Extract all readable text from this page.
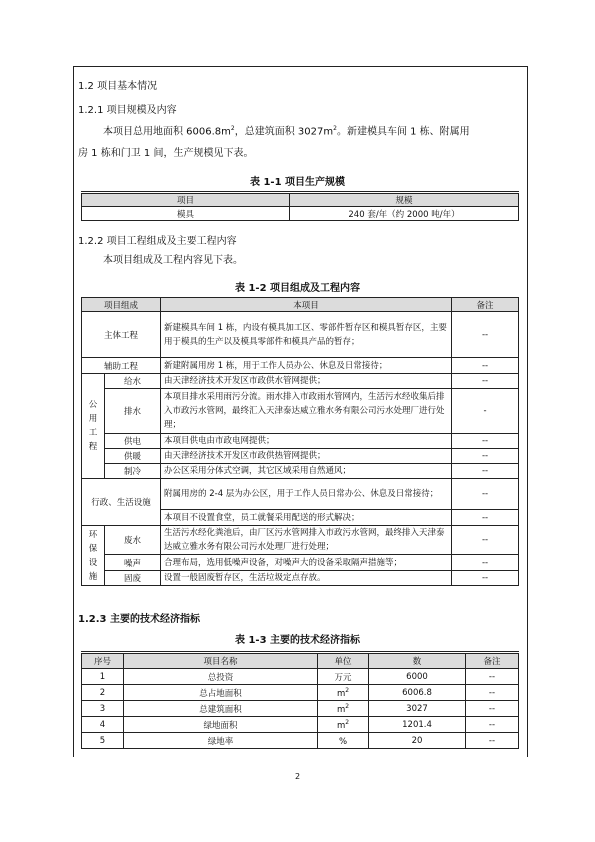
1.2 项目基本情况
1.2.1 项目规模及内容
本项目总用地面积 $6006.8m^2$，总建筑面积 $3027m^2$。新建模具车间 1 栋、附属用
房 1 栋和门卫 1 间，生产规模见下表。
表 1-1 项目生产规模
项目	规模
模具	240 套/年（约 2000 吨/年）
1.2.2 项目工程组成及主要工程内容
本项目组成及工程内容见下表。
表 1-2 项目组成及工程内容
项目组成		本项目	备注
主体工程		新建模具车间 1 栋，内设有模具加工区、零部件暂存区和模具暂存区，主要用于模具的生产以及模具零部件和模具产品的暂存；	--
辅助工程		新建附属用房 1 栋，用于工作人员办公、休息及日常接待；	--
公
用
工
程	给水	由天津经济技术开发区市政供水管网提供；	--
	排水	本项目排水采用雨污分流。雨水排入市政雨水管网内，生活污水经收集后排入市政污水管网，最终汇入天津泰达威立雅水务有限公司污水处理厂进行处理；	-
	供电	本项目供电由市政电网提供；	--
	供暖	由天津经济技术开发区市政供热管网提供；	--
	制冷	办公区采用分体式空调，其它区域采用自然通风；	--
行政、生活设施		附属用房的 2-4 层为办公区，用于工作人员日常办公、休息及日常接待；	--
		本项目不设置食堂，员工就餐采用配送的形式解决；	--
环
保
设
施	废水	生活污水经化粪池后，由厂区污水管网排入市政污水管网，最终排入天津泰达威立雅水务有限公司污水处理厂进行处理；	--
	噪声	合理布局，选用低噪声设备，对噪声大的设备采取隔声措施等；	--
	固废	设置一般固废暂存区，生活垃圾定点存放。	--
1.2.3 主要的技术经济指标
表 1-3 主要的技术经济指标
序号	项目名称	单位	数	备注
1	总投资	万元	6000	--
2	总占地面积	$m^2$	6006.8	--
3	总建筑面积	$m^2$	3027	--
4	绿地面积	$m^2$	1201.4	--
5	绿地率	%	20	--
2
